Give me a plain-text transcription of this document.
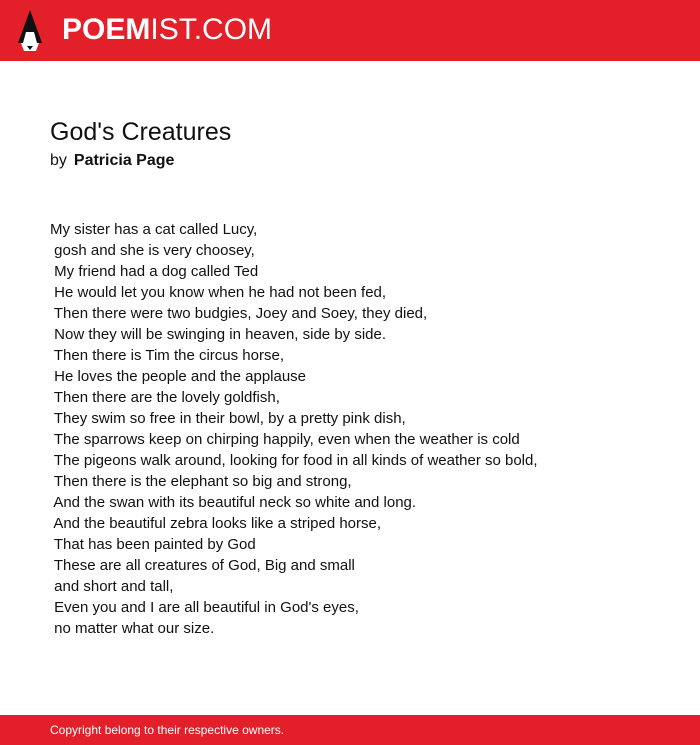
POEMIST.COM
God's Creatures
by Patricia Page
My sister has a cat called Lucy,
gosh and she is very choosey,
My friend had a dog called Ted
He would let you know when he had not been fed,
Then there were two budgies, Joey and Soey, they died,
Now they will be swinging in heaven, side by side.
Then there is Tim the circus horse,
He loves the people and the applause
Then there are the lovely goldfish,
They swim so free in their bowl, by a pretty pink dish,
The sparrows keep on chirping happily, even when the weather is cold
The pigeons walk around, looking for food in all kinds of weather so bold,
Then there is the elephant so big and strong,
And the swan with its beautiful neck so white and long.
And the beautiful zebra looks like a striped horse,
That has been painted by God
These are all creatures of God, Big and small
and short and tall,
Even you and I are all beautiful in God's eyes,
no matter what our size.
Copyright belong to their respective owners.
